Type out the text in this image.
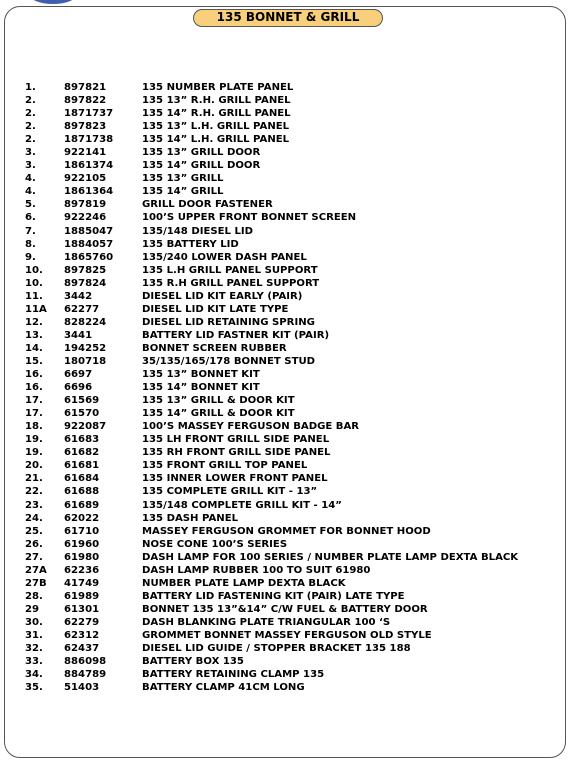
135 BONNET & GRILL
1.	897821	135 NUMBER PLATE PANEL
2.	897822	135 13” R.H. GRILL PANEL
2.	1871737	135 14” R.H. GRILL PANEL
2.	897823	135 13” L.H. GRILL PANEL
2.	1871738	135 14” L.H. GRILL PANEL
3.	922141	135 13” GRILL DOOR
3.	1861374	135 14” GRILL DOOR
4.	922105	135 13” GRILL
4.	1861364	135 14” GRILL
5.	897819	GRILL DOOR FASTENER
6.	922246	100’S UPPER FRONT BONNET SCREEN
7.	1885047	135/148 DIESEL LID
8.	1884057	135 BATTERY LID
9.	1865760	135/240 LOWER DASH PANEL
10.	897825	135 L.H GRILL PANEL SUPPORT
10.	897824	135 R.H GRILL PANEL SUPPORT
11.	3442	DIESEL LID KIT EARLY (PAIR)
11A	62277	DIESEL LID KIT LATE TYPE
12.	828224	DIESEL LID RETAINING SPRING
13.	3441	BATTERY LID FASTNER KIT (PAIR)
14.	194252	BONNET SCREEN RUBBER
15.	180718	35/135/165/178 BONNET STUD
16.	6697	135 13” BONNET KIT
16.	6696	135 14” BONNET KIT
17.	61569	135 13” GRILL & DOOR KIT
17.	61570	135 14” GRILL & DOOR KIT
18.	922087	100’S MASSEY FERGUSON BADGE BAR
19.	61683	135 LH FRONT GRILL SIDE PANEL
19.	61682	135 RH FRONT GRILL SIDE PANEL
20.	61681	135 FRONT GRILL TOP PANEL
21.	61684	135 INNER LOWER FRONT PANEL
22.	61688	135 COMPLETE GRILL KIT - 13”
23.	61689	135/148 COMPLETE GRILL KIT - 14”
24.	62022	135 DASH PANEL
25.	61710	MASSEY FERGUSON GROMMET FOR BONNET HOOD
26.	61960	NOSE CONE 100’S SERIES
27.	61980	DASH LAMP FOR 100 SERIES / NUMBER PLATE LAMP DEXTA BLACK
27A	62236	DASH LAMP RUBBER 100 TO SUIT 61980
27B	41749	NUMBER PLATE LAMP DEXTA BLACK
28.	61989	BATTERY LID FASTENING KIT (PAIR) LATE TYPE
29	61301	BONNET 135 13”&14” C/W FUEL & BATTERY DOOR
30.	62279	DASH BLANKING PLATE TRIANGULAR 100 ‘S
31.	62312	GROMMET BONNET MASSEY FERGUSON OLD STYLE
32.	62437	DIESEL LID GUIDE / STOPPER BRACKET 135 188
33.	886098	BATTERY BOX 135
34.	884789	BATTERY RETAINING CLAMP 135
35.	51403	BATTERY CLAMP 41CM LONG
